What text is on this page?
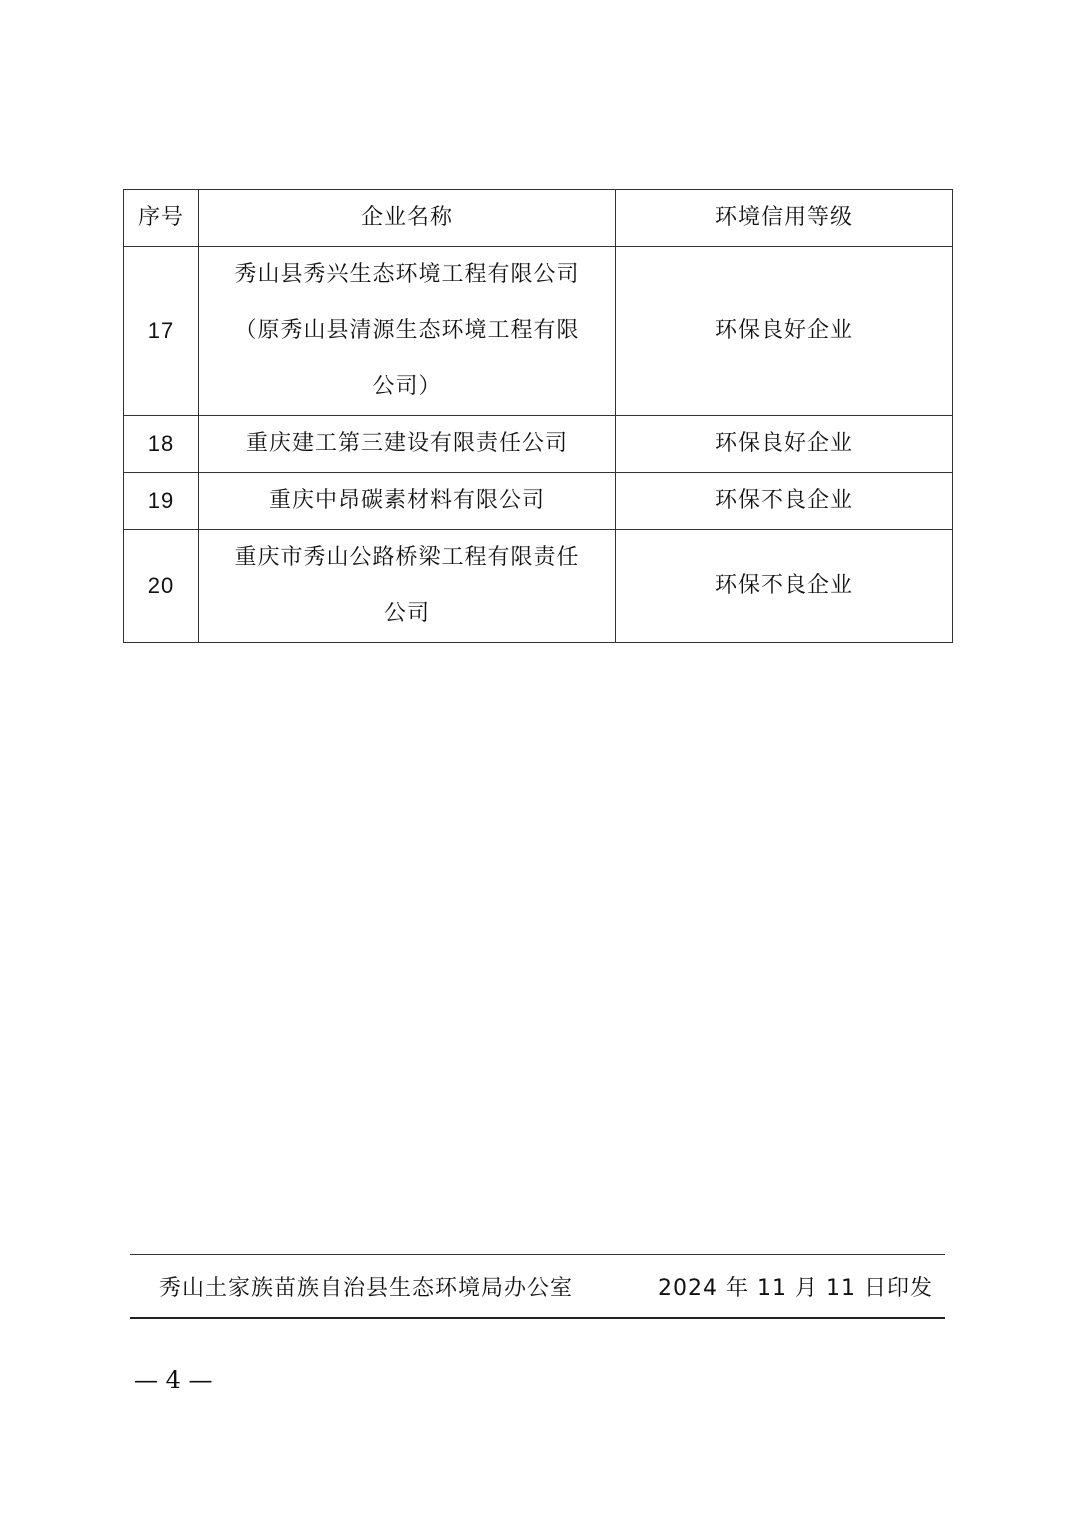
序号	企业名称	环境信用等级
17	秀山县秀兴生态环境工程有限公司
（原秀山县清源生态环境工程有限
公司）	环保良好企业
18	重庆建工第三建设有限责任公司	环保良好企业
19	重庆中昂碳素材料有限公司	环保不良企业
20	重庆市秀山公路桥梁工程有限责任
公司	环保不良企业
秀山土家族苗族自治县生态环境局办公室	2024 年 11 月 11 日印发
— 4 —
